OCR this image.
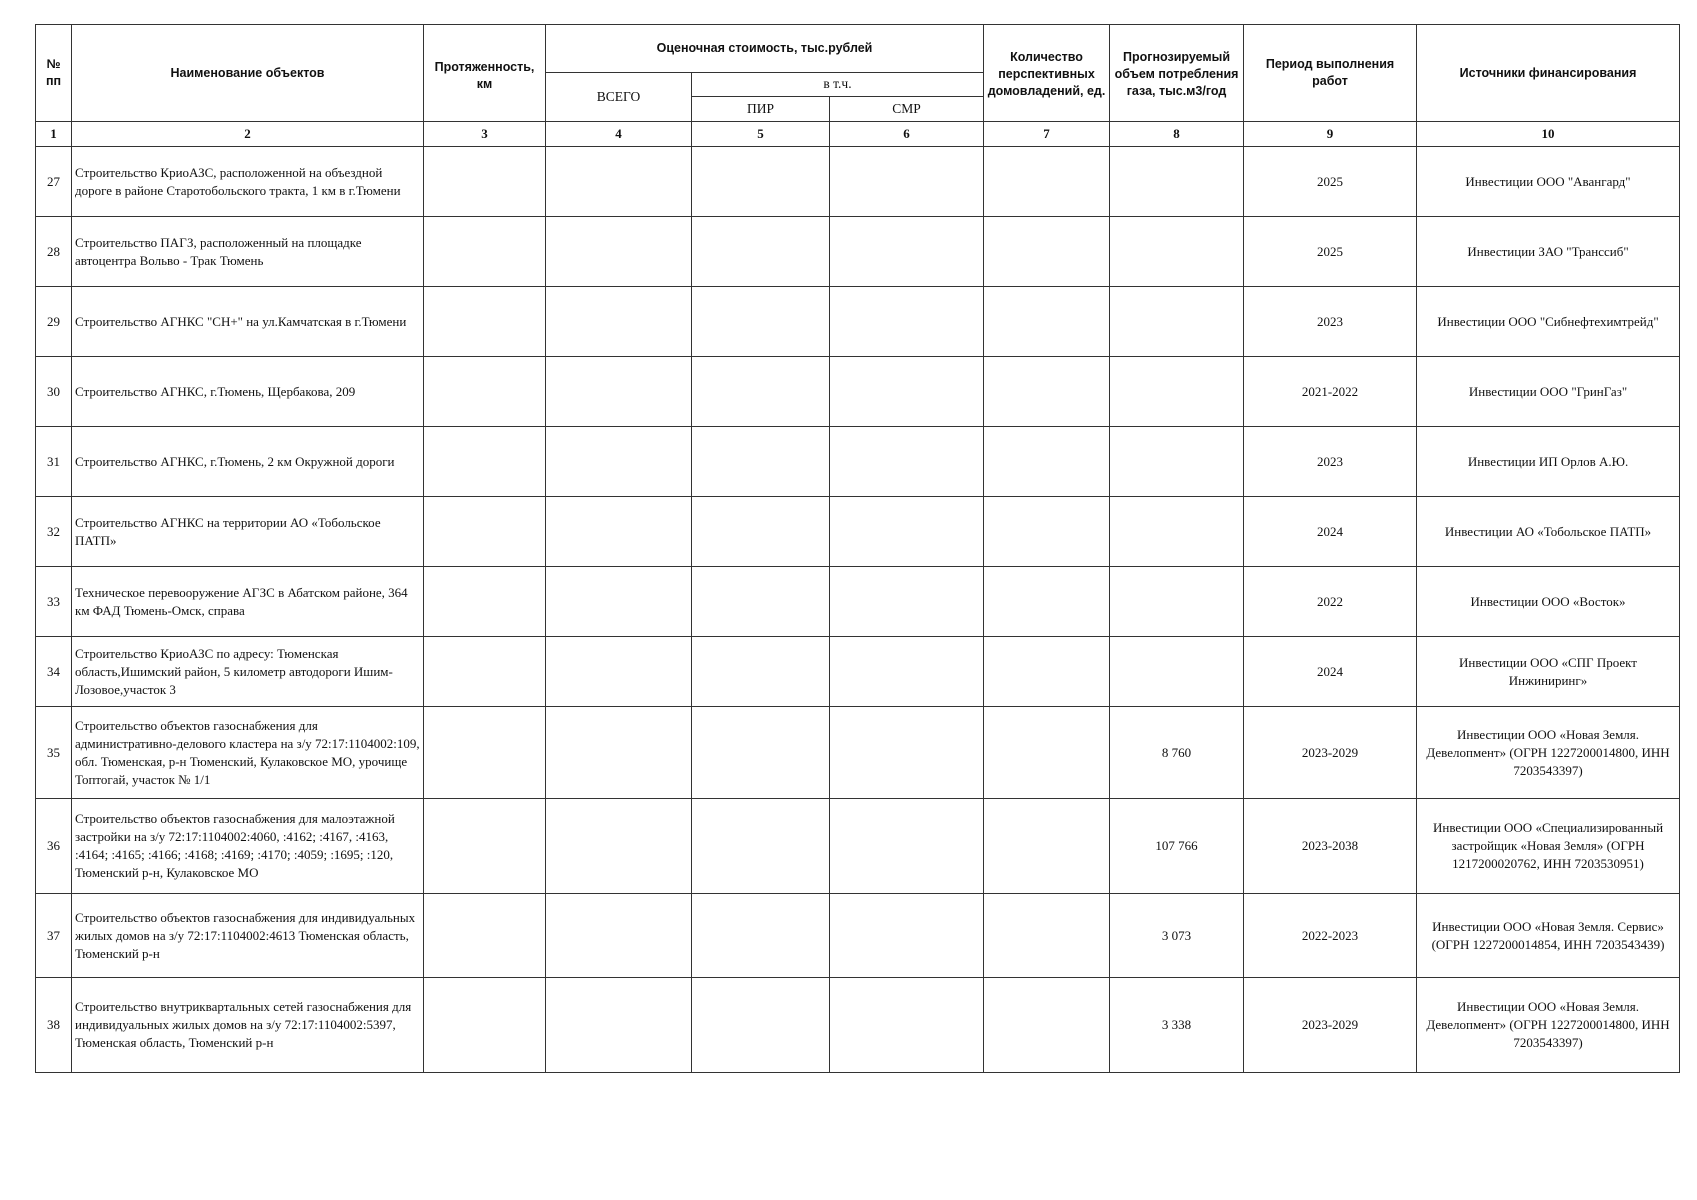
№ пп	Наименование объектов	Протяженность, км	Оценочная стоимость, тыс.рублей			Количество перспективных домовладений, ед.	Прогнозируемый объем потребления газа, тыс.м3/год	Период выполнения работ	Источники финансирования
			ВСЕГО	в т.ч.					
				ПИР	СМР				
1	2	3	4	5	6	7	8	9	10
27	Строительство КриоАЗС, расположенной на объездной дороге в районе Старотобольского тракта, 1 км в г.Тюмени							2025	Инвестиции ООО "Авангард"
28	Строительство ПАГЗ, расположенный на площадке автоцентра Вольво - Трак Тюмень							2025	Инвестиции ЗАО "Транссиб"
29	Строительство АГНКС "СН+" на ул.Камчатская в г.Тюмени							2023	Инвестиции ООО "Сибнефтехимтрейд"
30	Строительство АГНКС, г.Тюмень, Щербакова, 209							2021-2022	Инвестиции ООО "ГринГаз"
31	Строительство АГНКС, г.Тюмень, 2 км Окружной дороги							2023	Инвестиции ИП Орлов А.Ю.
32	Строительство АГНКС на территории АО «Тобольское ПАТП»							2024	Инвестиции АО «Тобольское ПАТП»
33	Техническое перевооружение АГЗС в Абатском районе, 364 км ФАД Тюмень-Омск, справа							2022	Инвестиции ООО «Восток»
34	Строительство КриоАЗС по адресу: Тюменская область,Ишимский район, 5 километр автодороги Ишим-Лозовое,участок 3							2024	Инвестиции ООО «СПГ Проект Инжиниринг»
35	Строительство объектов газоснабжения для административно-делового кластера на з/у 72:17:1104002:109, обл. Тюменская, р-н Тюменский, Кулаковское МО, урочище Топтогай, участок № 1/1						8 760	2023-2029	Инвестиции ООО «Новая Земля. Девелопмент» (ОГРН 1227200014800, ИНН 7203543397)
36	Строительство объектов газоснабжения для малоэтажной застройки на з/у 72:17:1104002:4060, :4162; :4167, :4163, :4164; :4165; :4166; :4168; :4169; :4170; :4059; :1695; :120, Тюменский р-н, Кулаковское МО						107 766	2023-2038	Инвестиции ООО «Специализированный застройщик «Новая Земля» (ОГРН 1217200020762, ИНН 7203530951)
37	Строительство объектов газоснабжения для индивидуальных жилых домов на з/у 72:17:1104002:4613 Тюменская область, Тюменский р-н						3 073	2022-2023	Инвестиции ООО «Новая Земля. Сервис» (ОГРН 1227200014854, ИНН 7203543439)
38	Строительство внутриквартальных сетей газоснабжения для индивидуальных жилых домов на з/у 72:17:1104002:5397, Тюменская область, Тюменский р-н						3 338	2023-2029	Инвестиции ООО «Новая Земля. Девелопмент» (ОГРН 1227200014800, ИНН 7203543397)
